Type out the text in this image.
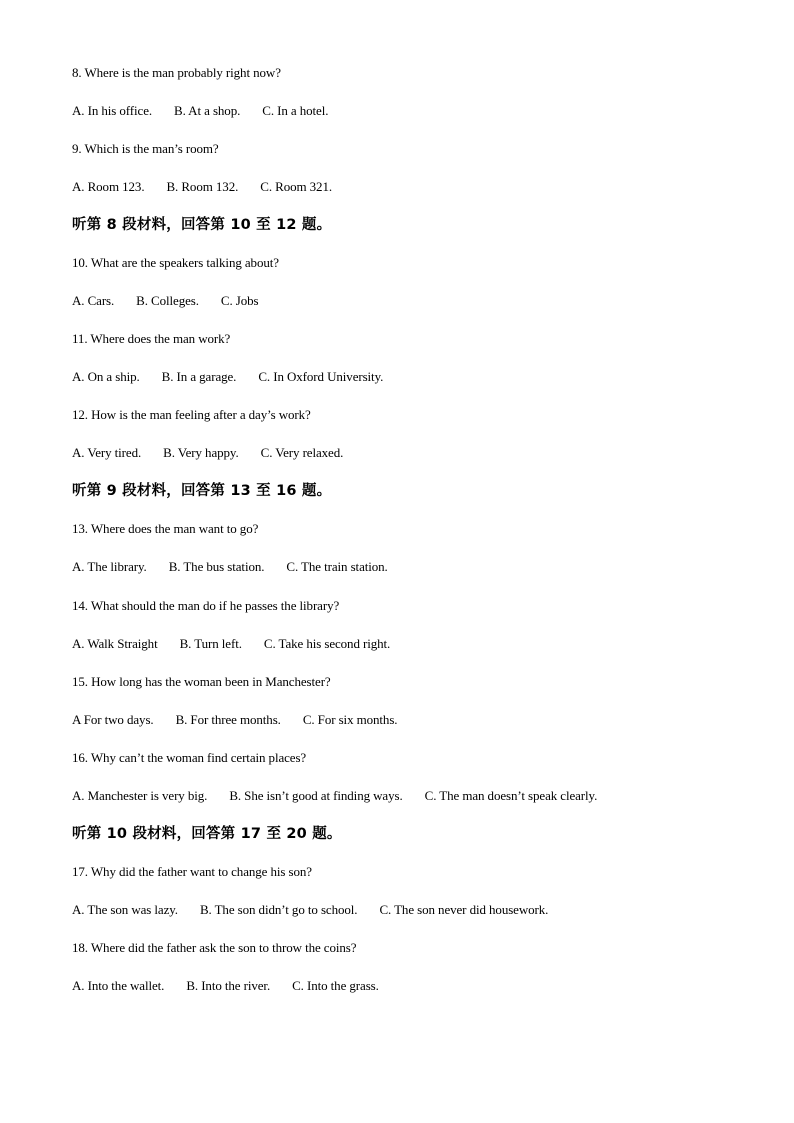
8. Where is the man probably right now?
A. In his office. B. At a shop. C. In a hotel.
9. Which is the man’s room?
A. Room 123. B. Room 132. C. Room 321.
听第 8 段材料，回答第 10 至 12 题。
10. What are the speakers talking about?
A. Cars. B. Colleges. C. Jobs
11. Where does the man work?
A. On a ship. B. In a garage. C. In Oxford University.
12. How is the man feeling after a day’s work?
A. Very tired. B. Very happy. C. Very relaxed.
听第 9 段材料，回答第 13 至 16 题。
13. Where does the man want to go?
A. The library. B. The bus station. C. The train station.
14. What should the man do if he passes the library?
A. Walk Straight B. Turn left. C. Take his second right.
15. How long has the woman been in Manchester?
A For two days. B. For three months. C. For six months.
16. Why can’t the woman find certain places?
A. Manchester is very big. B. She isn’t good at finding ways. C. The man doesn’t speak clearly.
听第 10 段材料，回答第 17 至 20 题。
17. Why did the father want to change his son?
A. The son was lazy. B. The son didn’t go to school. C. The son never did housework.
18. Where did the father ask the son to throw the coins?
A. Into the wallet. B. Into the river. C. Into the grass.
